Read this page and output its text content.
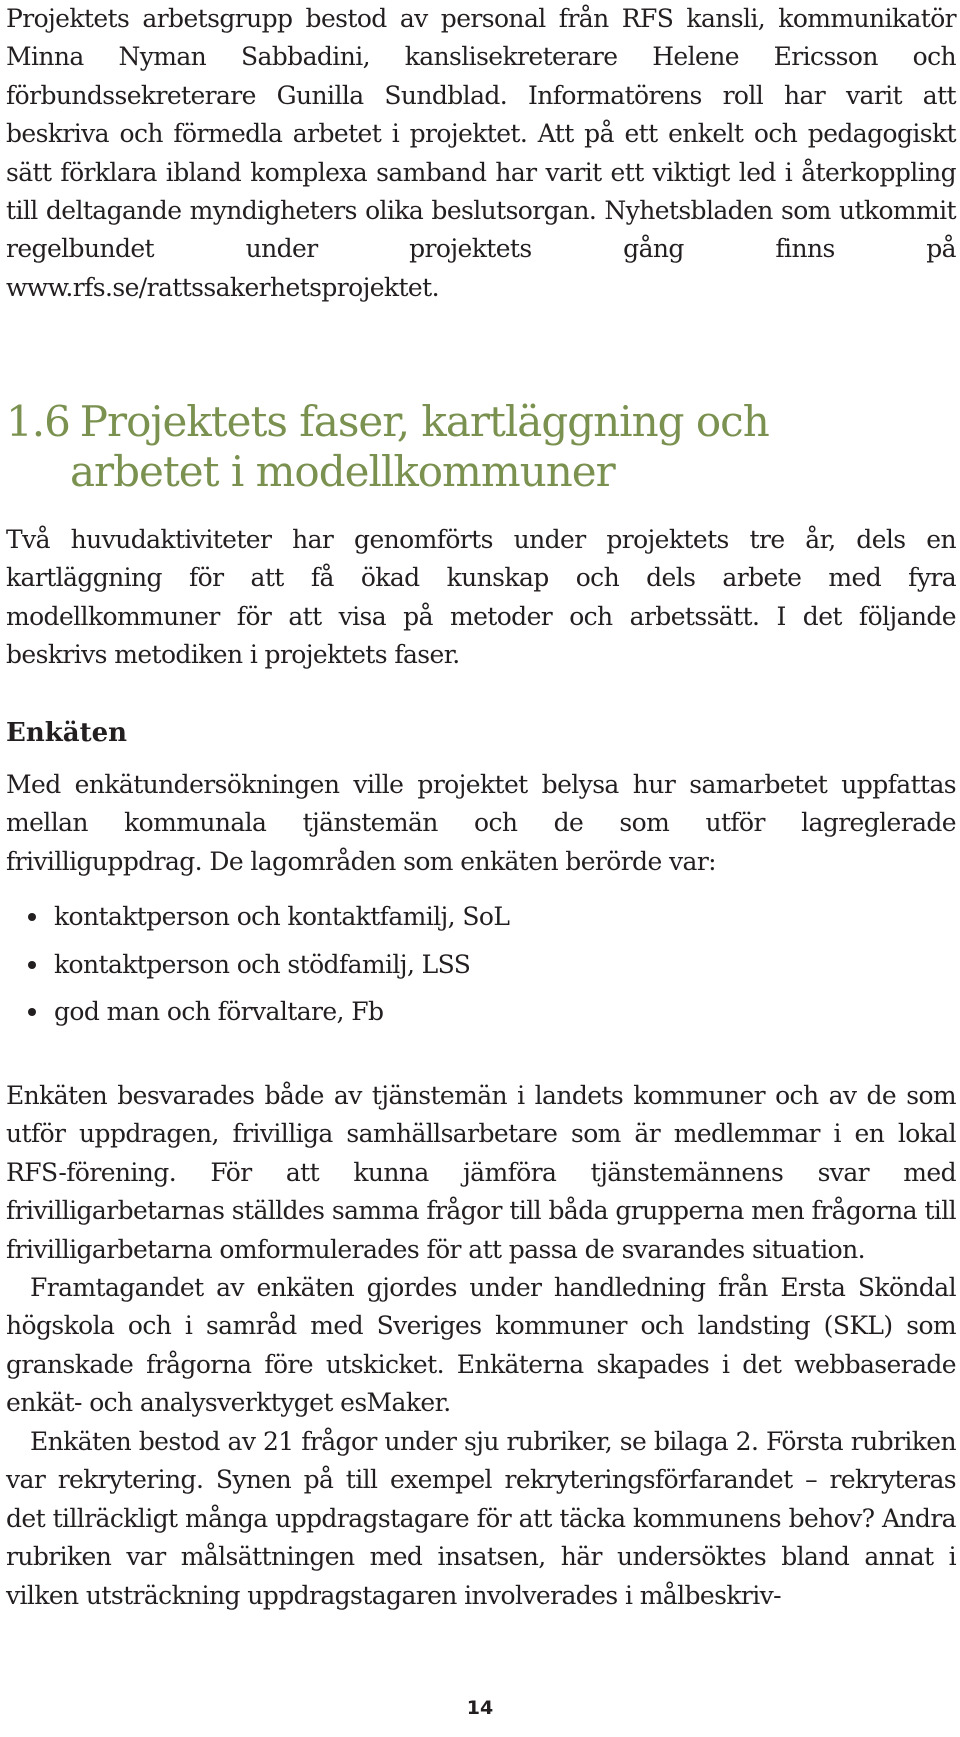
Projektets arbetsgrupp bestod av personal från RFS kansli, kommunikatör Minna Nyman Sabbadini, kanslisekreterare Helene Ericsson och förbundssekreterare Gunilla Sundblad. Informatörens roll har varit att beskriva och förmedla arbetet i projektet. Att på ett enkelt och pedagogiskt sätt förklara ibland komplexa samband har varit ett viktigt led i återkoppling till deltagande myndigheters olika beslutsorgan. Nyhetsbladen som utkommit regelbundet under projektets gång finns på www.rfs.se/rattssakerhetsprojektet.

1.6 Projektets faser, kartläggning och
arbetet i modellkommuner

Två huvudaktiviteter har genomförts under projektets tre år, dels en kartläggning för att få ökad kunskap och dels arbete med fyra modellkommuner för att visa på metoder och arbetssätt. I det följande beskrivs metodiken i projektets faser.

Enkäten

Med enkätundersökningen ville projektet belysa hur samarbetet uppfattas mellan kommunala tjänstemän och de som utför lagreglerade frivilliguppdrag. De lagområden som enkäten berörde var:

kontaktperson och kontaktfamilj, SoL
kontaktperson och stödfamilj, LSS
god man och förvaltare, Fb

Enkäten besvarades både av tjänstemän i landets kommuner och av de som utför uppdragen, frivilliga samhällsarbetare som är medlemmar i en lokal RFS-förening. För att kunna jämföra tjänstemännens svar med frivilligarbetarnas ställdes samma frågor till båda grupperna men frågorna till frivilligarbetarna omformulerades för att passa de svarandes situation.

Framtagandet av enkäten gjordes under handledning från Ersta Sköndal högskola och i samråd med Sveriges kommuner och landsting (SKL) som granskade frågorna före utskicket. Enkäterna skapades i det webbaserade enkät- och analysverktyget esMaker.

Enkäten bestod av 21 frågor under sju rubriker, se bilaga 2. Första rubriken var rekrytering. Synen på till exempel rekryteringsförfarandet – rekryteras det tillräckligt många uppdragstagare för att täcka kommunens behov? Andra rubriken var målsättningen med insatsen, här undersöktes bland annat i vilken utsträckning uppdragstagaren involverades i målbeskriv-

14
